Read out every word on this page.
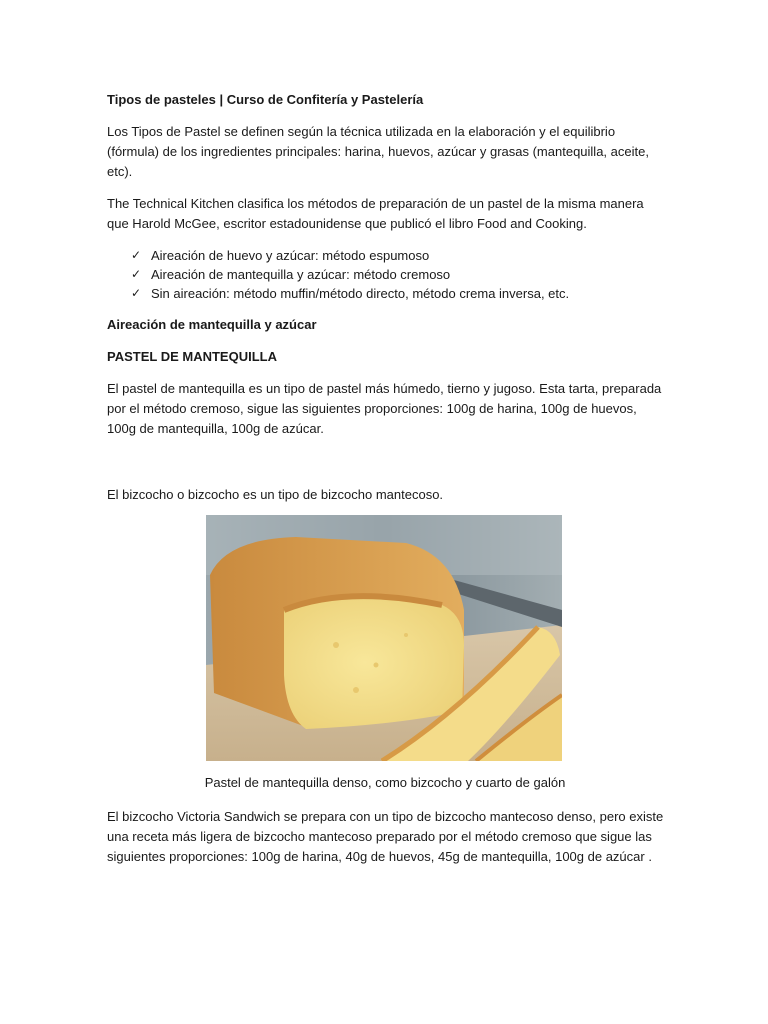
Tipos de pasteles | Curso de Confitería y Pastelería

Los Tipos de Pastel se definen según la técnica utilizada en la elaboración y el equilibrio (fórmula) de los ingredientes principales: harina, huevos, azúcar y grasas (mantequilla, aceite, etc).

The Technical Kitchen clasifica los métodos de preparación de un pastel de la misma manera que Harold McGee, escritor estadounidense que publicó el libro Food and Cooking.

✓ Aireación de huevo y azúcar: método espumoso
✓ Aireación de mantequilla y azúcar: método cremoso
✓ Sin aireación: método muffin/método directo, método crema inversa, etc.

Aireación de mantequilla y azúcar

PASTEL DE MANTEQUILLA

El pastel de mantequilla es un tipo de pastel más húmedo, tierno y jugoso. Esta tarta, preparada por el método cremoso, sigue las siguientes proporciones: 100g de harina, 100g de huevos, 100g de mantequilla, 100g de azúcar.

El bizcocho o bizcocho es un tipo de bizcocho mantecoso.

Pastel de mantequilla denso, como bizcocho y cuarto de galón

El bizcocho Victoria Sandwich se prepara con un tipo de bizcocho mantecoso denso, pero existe una receta más ligera de bizcocho mantecoso preparado por el método cremoso que sigue las siguientes proporciones: 100g de harina, 40g de huevos, 45g de mantequilla, 100g de azúcar .
